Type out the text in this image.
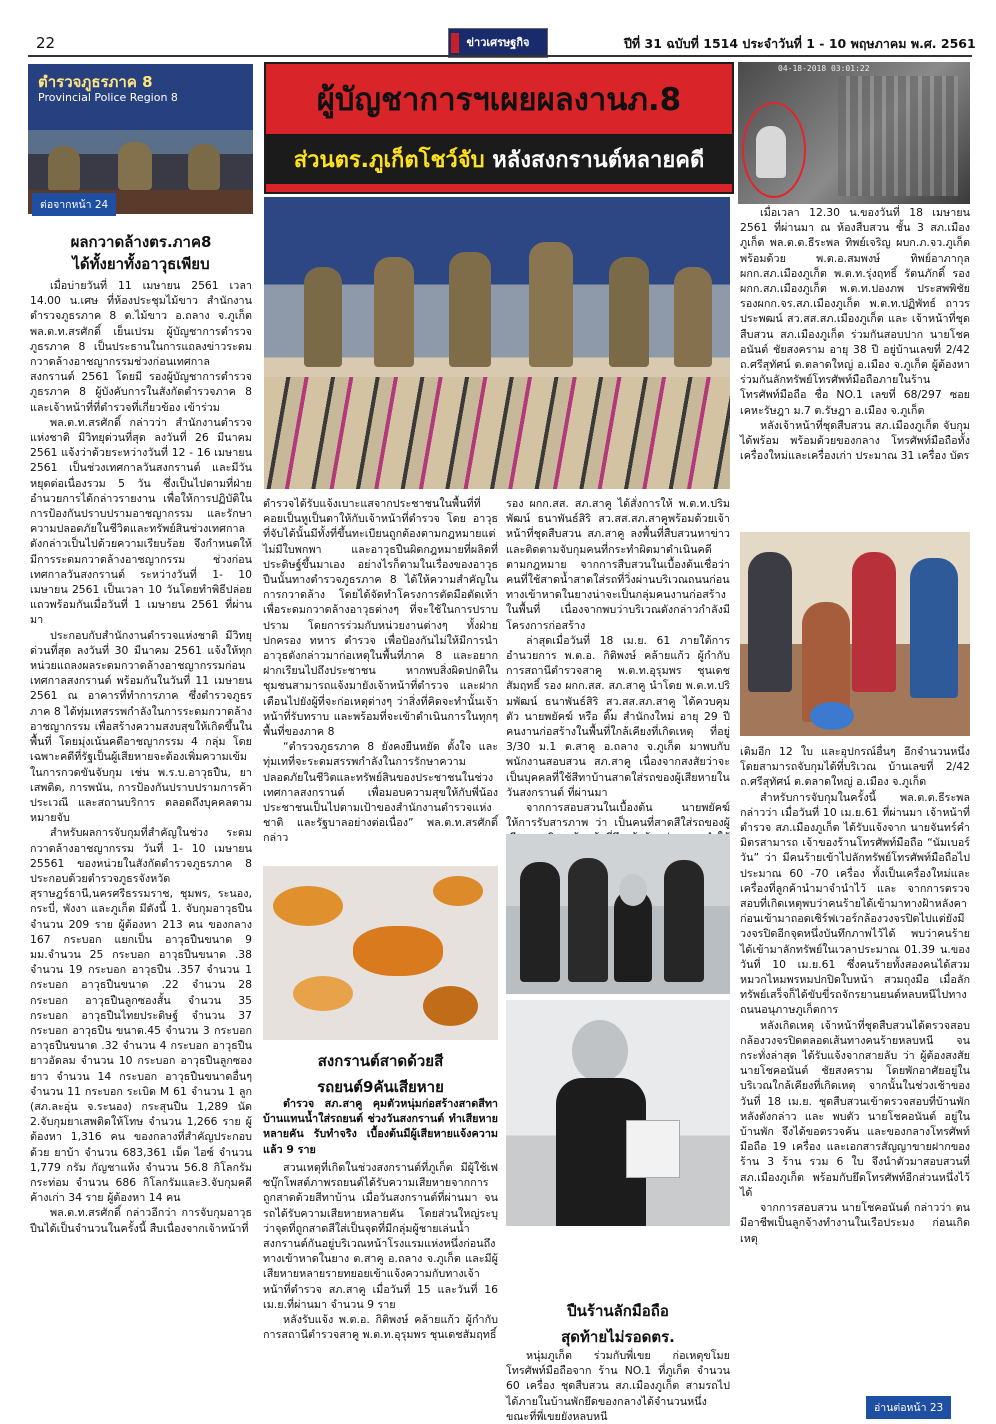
22	ข่าวเศรษฐกิจ	ปีที่ 31 ฉบับที่ 1514 ประจำวันที่ 1 - 10 พฤษภาคม พ.ศ. 2561
ตำรวจภูธรภาค 8
Provincial Police Region 8
ต่อจากหน้า 24
ผลกวาดล้างตร.ภาค8
ได้ทั้งยาทั้งอาวุธเพียบ

เมื่อบ่ายวันที่ 11 เมษายน 2561 เวลา 14.00 น.เศษ ที่ห้องประชุมไม้ขาว สำนักงานตำรวจภูธรภาค 8 ต.ไม้ขาว อ.ถลาง จ.ภูเก็ต พล.ต.ท.สรศักดิ์ เย็นเปรม ผู้บัญชาการตำรวจภูธรภาค 8 เป็นประธานในการแถลงข่าวระดมกวาดล้างอาชญากรรมช่วงก่อนเทศกาลสงกรานต์ 2561 โดยมี รองผู้บัญชาการตำรวจภูธรภาค 8 ผู้บังคับการในสังกัดตำรวจภาค 8 และเจ้าหน้าที่ที่ตำรวจที่เกี่ยวข้อง เข้าร่วม

พล.ต.ท.สรศักดิ์ กล่าวว่า สำนักงานตำรวจแห่งชาติ มีวิทยุด่วนที่สุด ลงวันที่ 26 มีนาคม 2561 แจ้งว่าด้วยระหว่างวันที่ 12 - 16 เมษายน 2561 เป็นช่วงเทศกาลวันสงกรานต์ และมีวันหยุดต่อเนื่องรวม 5 วัน ซึ่งเป็นไปตามที่ฝ่ายอำนวยการได้กล่าวรายงาน เพื่อให้การปฏิบัติในการป้องกันปราบปรามอาชญากรรม และรักษาความปลอดภัยในชีวิตและทรัพย์สินช่วงเทศกาลดังกล่าวเป็นไปด้วยความเรียบร้อย จึงกำหนดให้มีการระดมกวาดล้างอาชญากรรม ช่วงก่อนเทศกาลวันสงกรานต์ ระหว่างวันที่ 1- 10 เมษายน 2561 เป็นเวลา 10 วันโดยทำพิธีปล่อยแถวพร้อมกันเมื่อวันที่ 1 เมษายน 2561 ที่ผ่านมา

ประกอบกับสำนักงานตำรวจแห่งชาติ มีวิทยุด่วนที่สุด ลงวันที่ 30 มีนาคม 2561 แจ้งให้ทุกหน่วยแถลงผลระดมกวาดล้างอาชญากรรมก่อนเทศกาลสงกรานต์ พร้อมกันในวันที่ 11 เมษายน 2561 ณ อาคารที่ทำการภาค ซึ่งตำรวจภูธรภาค 8 ได้ทุ่มเทสรรพกำลังในการระดมกวาดล้างอาชญากรรม เพื่อสร้างความสงบสุขให้เกิดขึ้นในพื้นที่ โดยมุ่งเน้นคดีอาชญากรรม 4 กลุ่ม โดยเฉพาะคดีที่รัฐเป็นผู้เสียหายจะต้องเพิ่มความเข้มในการกวดขันจับกุม เช่น พ.ร.บ.อาวุธปืน, ยาเสพติด, การพนัน, การป้องกันปราบปรามการค้าประเวณี และสถานบริการ ตลอดถึงบุคคลตามหมายจับ

สำหรับผลการจับกุมที่สำคัญในช่วง ระดมกวาดล้างอาชญากรรม วันที่ 1- 10 เมษายน 25561 ของหน่วยในสังกัดตำรวจภูธรภาค 8 ประกอบด้วยตำรวจภูธรจังหวัดสุราษฎร์ธานี,นครศรีธรรมราช, ชุมพร, ระนอง, กระบี่, พังงา และภูเก็ต มีดังนี้ 1. จับกุมอาวุธปืนจำนวน 209 ราย ผู้ต้องหา 213 คน ของกลาง 167 กระบอก แยกเป็น อาวุธปืนขนาด 9 มม.จำนวน 25 กระบอก อาวุธปืนขนาด .38 จำนวน 19 กระบอก อาวุธปืน .357 จำนวน 1 กระบอก อาวุธปืนขนาด .22 จำนวน 28 กระบอก อาวุธปืนลูกซองสั้น จำนวน 35 กระบอก อาวุธปืนไทยประดิษฐ์ จำนวน 37 กระบอก อาวุธปืน ขนาด.45 จำนวน 3 กระบอก อาวุธปืนขนาด .32 จำนวน 4 กระบอก อาวุธปืนยาวอัดลม จำนวน 10 กระบอก อาวุธปืนลูกซองยาว จำนวน 14 กระบอก อาวุธปืนขนาดอื่นๆ จำนวน 11 กระบอก ระเบิด M 61 จำนวน 1 ลูก (สภ.ละอุ่น จ.ระนอง) กระสุนปืน 1,289 นัด 2.จับกุมยาเสพติดให้โทษ จำนวน 1,266 ราย ผู้ต้องหา 1,316 คน ของกลางที่สำคัญประกอบด้วย ยาบ้า จำนวน 683,361 เม็ด ไอซ์ จำนวน 1,779 กรัม กัญชาแห้ง จำนวน 56.8 กิโลกรัม กระท่อม จำนวน 686 กิโลกรัมและ3.จับกุมคดีค้างเก่า 34 ราย ผู้ต้องหา 14 คน

พล.ต.ท.สรศักดิ์ กล่าวอีกว่า การจับกุมอาวุธปืนได้เป็นจำนวนในครั้งนี้ สืบเนื่องจากเจ้าหน้าที่

ผู้บัญชาการฯเผยผลงานภ.8
ส่วนตร.ภูเก็ตโชว์จับ หลังสงกรานต์หลายคดี

ตำรวจได้รับแจ้งเบาะแสจากประชาชนในพื้นที่ที่คอยเป็นหูเป็นตาให้กับเจ้าหน้าที่ตำรวจ โดย อาวุธที่จับได้นั้นมีทั้งที่ขึ้นทะเบียนถูกต้องตามกฎหมายแต่ไม่มีใบพกพา และอาวุธปืนผิดกฎหมายที่ผลิตที่ประดิษฐ์ขึ้นมาเอง อย่างไรก็ตามในเรื่องของอาวุธปืนนั้นทางตำรวจภูธรภาค 8 ได้ให้ความสำคัญในการกวาดล้าง โดยได้จัดทำโครงการตัดมือตัดเท้า เพื่อระดมกวาดล้างอาวุธต่างๆ ที่จะใช้ในการปราบปราม โดยการร่วมกับหน่วยงานต่างๆ ทั้งฝ่ายปกครอง ทหาร ตำรวจ เพื่อป้องกันไม่ให้มีการนำอาวุธดังกล่าวมาก่อเหตุในพื้นที่ภาค 8 และอยากฝากเรียนไปถึงประชาชน หากพบสิ่งผิดปกติในชุมชนสามารถแจ้งมายังเจ้าหน้าที่ตำรวจ และฝากเตือนไปยังผู้ที่จะก่อเหตุต่างๆ ว่าสิ่งที่คิดจะทำนั้นเจ้าหน้าที่รับทราบ และพร้อมที่จะเข้าดำเนินการในทุกๆพื้นที่ของภาค 8

“ตำรวจภูธรภาค 8 ยังคงยืนหยัด ตั้งใจ และทุ่มเทที่จะระดมสรรพกำลังในการรักษาความปลอดภัยในชีวิตและทรัพย์สินของประชาชนในช่วงเทศกาลสงกรานต์ เพื่อมอบความสุขให้กับพี่น้องประชาชนเป็นไปตามเป้าของสำนักงานตำรวจแห่งชาติ และรัฐบาลอย่างต่อเนื่อง” พล.ต.ท.สรศักดิ์ กล่าว

รอง ผกก.สส. สภ.สาคู ได้สั่งการให้ พ.ต.ท.ปริมพัฒน์ ธนาพันธ์สิริ สว.สส.สภ.สาคูพร้อมด้วยเจ้าหน้าที่ชุดสืบสวน สภ.สาคู ลงพื้นที่สืบสวนหาข่าว และติดตามจับกุมคนที่กระทำผิดมาดำเนินคดี ตามกฎหมาย จากการสืบสวนในเบื้องต้นเชื่อว่าคนที่ใช้สาดน้ำสาดใส่รถที่วิ่งผ่านบริเวณถนนก่อนทางเข้าหาดในยางน่าจะเป็นกลุ่มคนงานก่อสร้างในพื้นที่ เนื่องจากพบว่าบริเวณดังกล่าวกำลังมีโครงการก่อสร้าง

ล่าสุดเมื่อวันที่ 18 เม.ย. 61 ภายใต้การอำนวยการ พ.ต.อ. กิติพงษ์ คล้ายแก้ว ผู้กำกับการสถานีตำรวจสาคู พ.ต.ท.อุรุมพร ชุนเดชสัมฤทธิ์ รอง ผกก.สส. สภ.สาคู นำโดย พ.ต.ท.ปริมพัฒน์ ธนาพันธ์สิริ สว.สส.สภ.สาคู ได้ควบคุมตัว นายพยัคฆ์ หรือ ติ๊ม สำนักงใหม่ อายุ 29 ปี คนงานก่อสร้างในพื้นที่ใกล้เคียงที่เกิดเหตุ ที่อยู่ 3/30 ม.1 ต.สาคู อ.ถลาง จ.ภูเก็ต มาพบกับพนักงานสอบสวน สภ.สาคู เนื่องจากสงสัยว่าจะเป็นบุคคลที่ใช้สีทาบ้านสาดใส่รถของผู้เสียหายในวันสงกรานต์ ที่ผ่านมา

จากการสอบสวนในเบื้องต้น นายพยัคฆ์ให้การรับสารภาพ ว่า เป็นคนที่สาดสีใส่รถของผู้

สงกรานต์สาดด้วยสี
รถยนต์9คันเสียหาย
ตำรวจ สภ.สาคู คุมตัวหนุ่มก่อสร้างสาดสีทาบ้านแทนน้ำใส่รถยนต์ ช่วงวันสงกรานต์ ทำเสียหายหลายคัน รับทำจริง เบื้องต้นมีผู้เสียหายแจ้งความแล้ว 9 ราย

สวนเหตุที่เกิดในช่วงสงกรานต์ที่ภูเก็ต มีผู้ใช้เฟซบุ๊กโพสต์ภาพรถยนต์ได้รับความเสียหายจากการถูกสาดด้วยสีทาบ้าน เมื่อวันสงกรานต์ที่ผ่านมา จนรถได้รับความเสียหายหลายคัน โดยส่วนใหญ่ระบุ ว่าจุดที่ถูกสาดสีใส่เป็นจุดที่มีกลุ่มผู้ชายเล่นน้ำสงกรานต์กันอยู่บริเวณหน้าโรงแรมแห่งหนึ่งก่อนถึงทางเข้าหาดในยาง ต.สาคู อ.ถลาง จ.ภูเก็ต และมีผู้เสียหายหลายรายทยอยเข้าแจ้งความกับทางเจ้าหน้าที่ตำรวจ สภ.สาคู เมื่อวันที่ 15 และวันที่ 16 เม.ย.ที่ผ่านมา จำนวน 9 ราย

หลังรับแจ้ง พ.ต.อ. กิติพงษ์ คล้ายแก้ว ผู้กำกับการสถานีตำรวจสาคู พ.ต.ท.อุรุมพร ชุนเดชสัมฤทธิ์

ปืนร้านลักมือถือ
สุดท้ายไม่รอดตร.

หนุ่มภูเก็ต ร่วมกับพี่เขย ก่อเหตุขโมยโทรศัพท์มือถือจาก ร้าน NO.1 ที่ภูเก็ต จำนวน 60 เครื่อง ชุดสืบสวน สภ.เมืองภูเก็ต สามรถไปได้ภายในบ้านพักยึดของกลางได้จำนวนหนึ่ง ขณะที่พี่เขยยังหลบหนี

04-18-2018 03:01:22

เมื่อเวลา 12.30 น.ของวันที่ 18 เมษายน 2561 ที่ผ่านมา ณ ห้องสืบสวน ชั้น 3 สภ.เมืองภูเก็ต พล.ต.ต.ธีระพล ทิพย์เจริญ ผบก.ภ.จว.ภูเก็ต พร้อมด้วย พ.ต.อ.สมพงษ์ ทิพย์อาภากุล ผกก.สภ.เมืองภูเก็ต พ.ต.ท.รุ่งฤทธิ์ รัตนภักดิ์ รองผกก.สภ.เมืองภูเก็ต พ.ต.ท.ปองภพ ประสพพิชัย รองผกก.จร.สภ.เมืองภูเก็ต พ.ต.ท.ปฏิพัทธ์ ถาวรประพฒน์ สว.สส.สภ.เมืองภูเก็ต และ เจ้าหน้าที่ชุดสืบสวน สภ.เมืองภูเก็ต ร่วมกันสอบปาก นายโชคอนันต์ ชัยสงคราม อายุ 38 ปี อยู่บ้านเลขที่ 2/42 ถ.ศรีสุทัศน์ ต.ตลาดใหญ่ อ.เมือง จ.ภูเก็ต ผู้ต้องหาร่วมกันลักทรัพย์โทรศัพท์มือถือภายในร้านโทรศัพท์มือถือ ชื่อ NO.1 เลขที่ 68/297 ซอยเคหะรัษฎา ม.7 ต.รัษฎา อ.เมือง จ.ภูเก็ต

หลังเจ้าหน้าที่ชุดสืบสวน สภ.เมืองภูเก็ต จับกุมได้พร้อม พร้อมด้วยของกลาง โทรศัพท์มือถือทั้งเครื่องใหม่และเครื่องเก่า ประมาณ 31 เครื่อง บัตร

เติมอีก 12 ใบ และอุปกรณ์อื่นๆ อีกจำนวนหนึ่ง โดยสามารถจับกุมได้ที่บริเวณ บ้านเลขที่ 2/42 ถ.ศรีสุทัศน์ ต.ตลาดใหญ่ อ.เมือง จ.ภูเก็ต

สำหรับการจับกุมในครั้งนี้ พล.ต.ต.ธีระพล กล่าวว่า เมื่อวันที่ 10 เม.ย.61 ที่ผ่านมา เจ้าหน้าที่ตำรวจ สภ.เมืองภูเก็ต ได้รับแจ้งจาก นายจันทร์คำ มิตรสามารถ เจ้าของร้านโทรศัพท์มือถือ “นัมเบอร์วัน” ว่า มีคนร้ายเข้าไปลักทรัพย์โทรศัพท์มือถือไปประมาณ 60 -70 เครื่อง ทั้งเป็นเครื่องใหม่และเครื่องที่ลูกค้านำมาจำนำไว้ และ จากการตรวจสอบที่เกิดเหตุพบว่าคนร้ายได้เข้ามาทางฝ้าหลังคาก่อนเข้ามาถอดเซิร์ฟเวอร์กล้องวงจรปิดไปแต่ยังมีวงจรปิดอีกจุดหนึ่งบันทึกภาพไว้ได้ พบว่าคนร้ายได้เข้ามาลักทรัพย์ในเวลาประมาณ 01.39 น.ของวันที่ 10 เม.ย.61 ซึ่งคนร้ายทั้งสองคนได้สวมหมวกไหมพรหมปกปิดใบหน้า สวมถุงมือ เมื่อลักทรัพย์เสร็จก็ได้ขับขี่รถจักรยานยนต์หลบหนีไปทางถนนอนุภาษภูเก็ตการ

หลังเกิดเหตุ เจ้าหน้าที่ชุดสืบสวนได้ตรวจสอบกล้องวงจรปิดตลอดเส้นทางคนร้ายหลบหนี จนกระทั่งล่าสุด ได้รับแจ้งจากสายลับ ว่า ผู้ต้องสงสัย นายโชคอนันต์ ชัยสงคราม โดยพักอาศัยอยู่ในบริเวณใกล้เคียงที่เกิดเหตุ จากนั้นในช่วงเช้าของวันที่ 18 เม.ย. ชุดสืบสวนเข้าตรวจสอบที่บ้านพักหลังดังกล่าว และ พบตัว นายโชคอนันต์ อยู่ในบ้านพัก จึงได้ขอตรวจค้น และของกลางโทรศัพท์มือถือ 19 เครื่อง และเอกสารสัญญาขายฝากของร้าน 3 ร้าน รวม 6 ใบ จึงนำตัวมาสอบสวนที่ สภ.เมืองภูเก็ต พร้อมกับยึดโทรศัพท์อีกส่วนหนึ่งไว้ได้

จากการสอบสวน นายโชคอนันต์ กล่าวว่า ตนมีอาชีพเป็นลูกจ้างทำงานในเรือประมง ก่อนเกิดเหตุ

อ่านต่อหน้า 23
